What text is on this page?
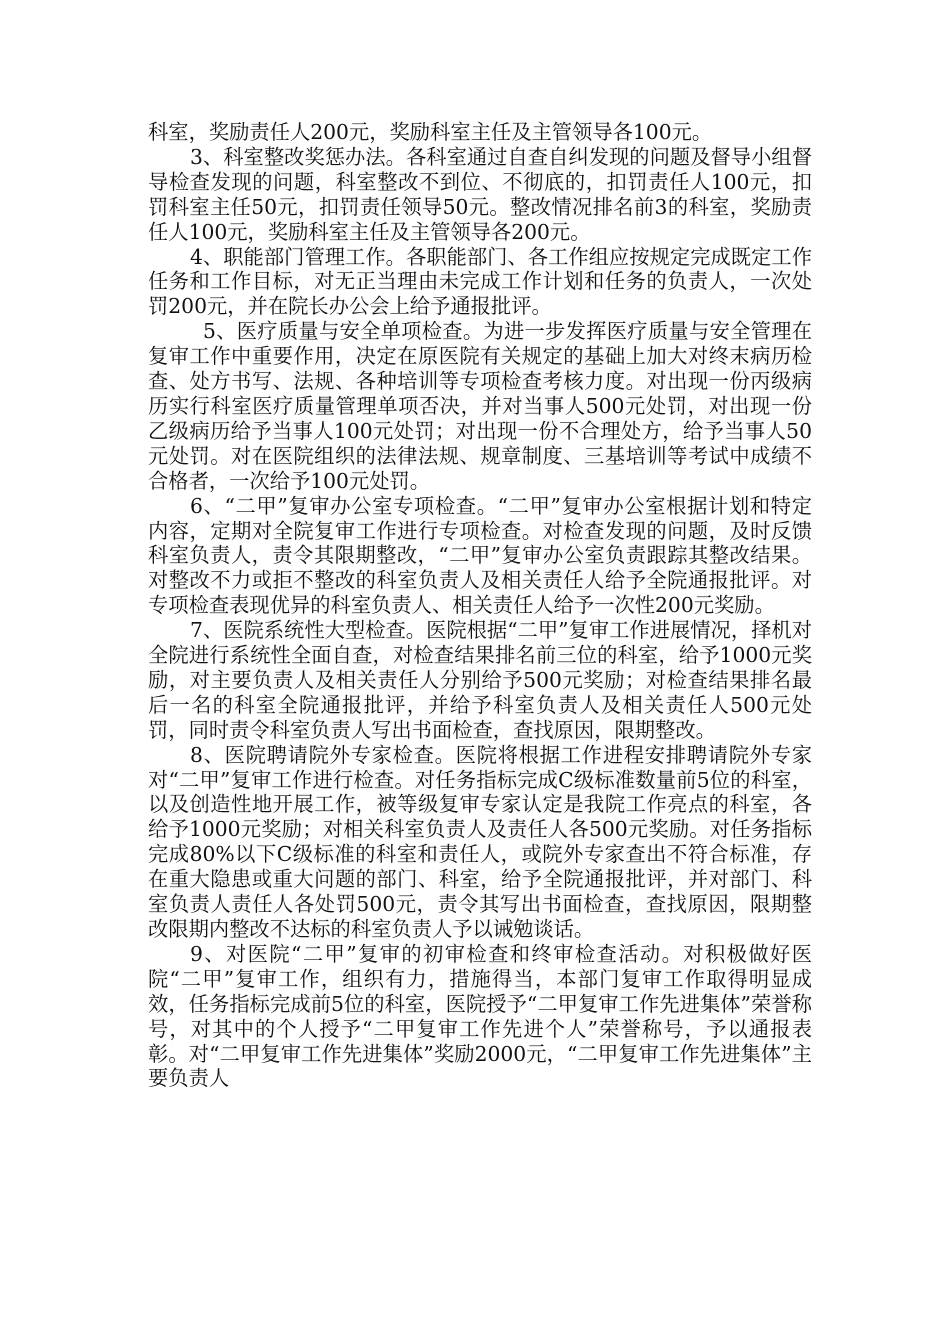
科室，奖励责任人200元，奖励科室主任及主管领导各100元。

3、科室整改奖惩办法。各科室通过自查自纠发现的问题及督导小组督导检查发现的问题，科室整改不到位、不彻底的，扣罚责任人100元，扣罚科室主任50元，扣罚责任领导50元。整改情况排名前3的科室，奖励责任人100元，奖励科室主任及主管领导各200元。

4、职能部门管理工作。各职能部门、各工作组应按规定完成既定工作任务和工作目标，对无正当理由未完成工作计划和任务的负责人，一次处罚200元，并在院长办公会上给予通报批评。

5、医疗质量与安全单项检查。为进一步发挥医疗质量与安全管理在复审工作中重要作用，决定在原医院有关规定的基础上加大对终末病历检查、处方书写、法规、各种培训等专项检查考核力度。对出现一份丙级病历实行科室医疗质量管理单项否决，并对当事人500元处罚，对出现一份乙级病历给予当事人100元处罚；对出现一份不合理处方，给予当事人50元处罚。对在医院组织的法律法规、规章制度、三基培训等考试中成绩不合格者，一次给予100元处罚。

6、“二甲”复审办公室专项检查。“二甲”复审办公室根据计划和特定内容，定期对全院复审工作进行专项检查。对检查发现的问题，及时反馈科室负责人，责令其限期整改，“二甲”复审办公室负责跟踪其整改结果。对整改不力或拒不整改的科室负责人及相关责任人给予全院通报批评。对专项检查表现优异的科室负责人、相关责任人给予一次性200元奖励。

7、医院系统性大型检查。医院根据“二甲”复审工作进展情况，择机对全院进行系统性全面自查，对检查结果排名前三位的科室，给予1000元奖励，对主要负责人及相关责任人分别给予500元奖励；对检查结果排名最后一名的科室全院通报批评，并给予科室负责人及相关责任人500元处罚，同时责令科室负责人写出书面检查，查找原因，限期整改。

8、医院聘请院外专家检查。医院将根据工作进程安排聘请院外专家对“二甲”复审工作进行检查。对任务指标完成C级标准数量前5位的科室，以及创造性地开展工作，被等级复审专家认定是我院工作亮点的科室，各给予1000元奖励；对相关科室负责人及责任人各500元奖励。对任务指标完成80%以下C级标准的科室和责任人，或院外专家查出不符合标准，存在重大隐患或重大问题的部门、科室，给予全院通报批评，并对部门、科室负责人责任人各处罚500元，责令其写出书面检查，查找原因，限期整改限期内整改不达标的科室负责人予以诫勉谈话。

9、对医院“二甲”复审的初审检查和终审检查活动。对积极做好医院“二甲”复审工作，组织有力，措施得当，本部门复审工作取得明显成效，任务指标完成前5位的科室，医院授予“二甲复审工作先进集体”荣誉称号，对其中的个人授予“二甲复审工作先进个人”荣誉称号，予以通报表彰。对“二甲复审工作先进集体”奖励2000元，“二甲复审工作先进集体”主要负责人
